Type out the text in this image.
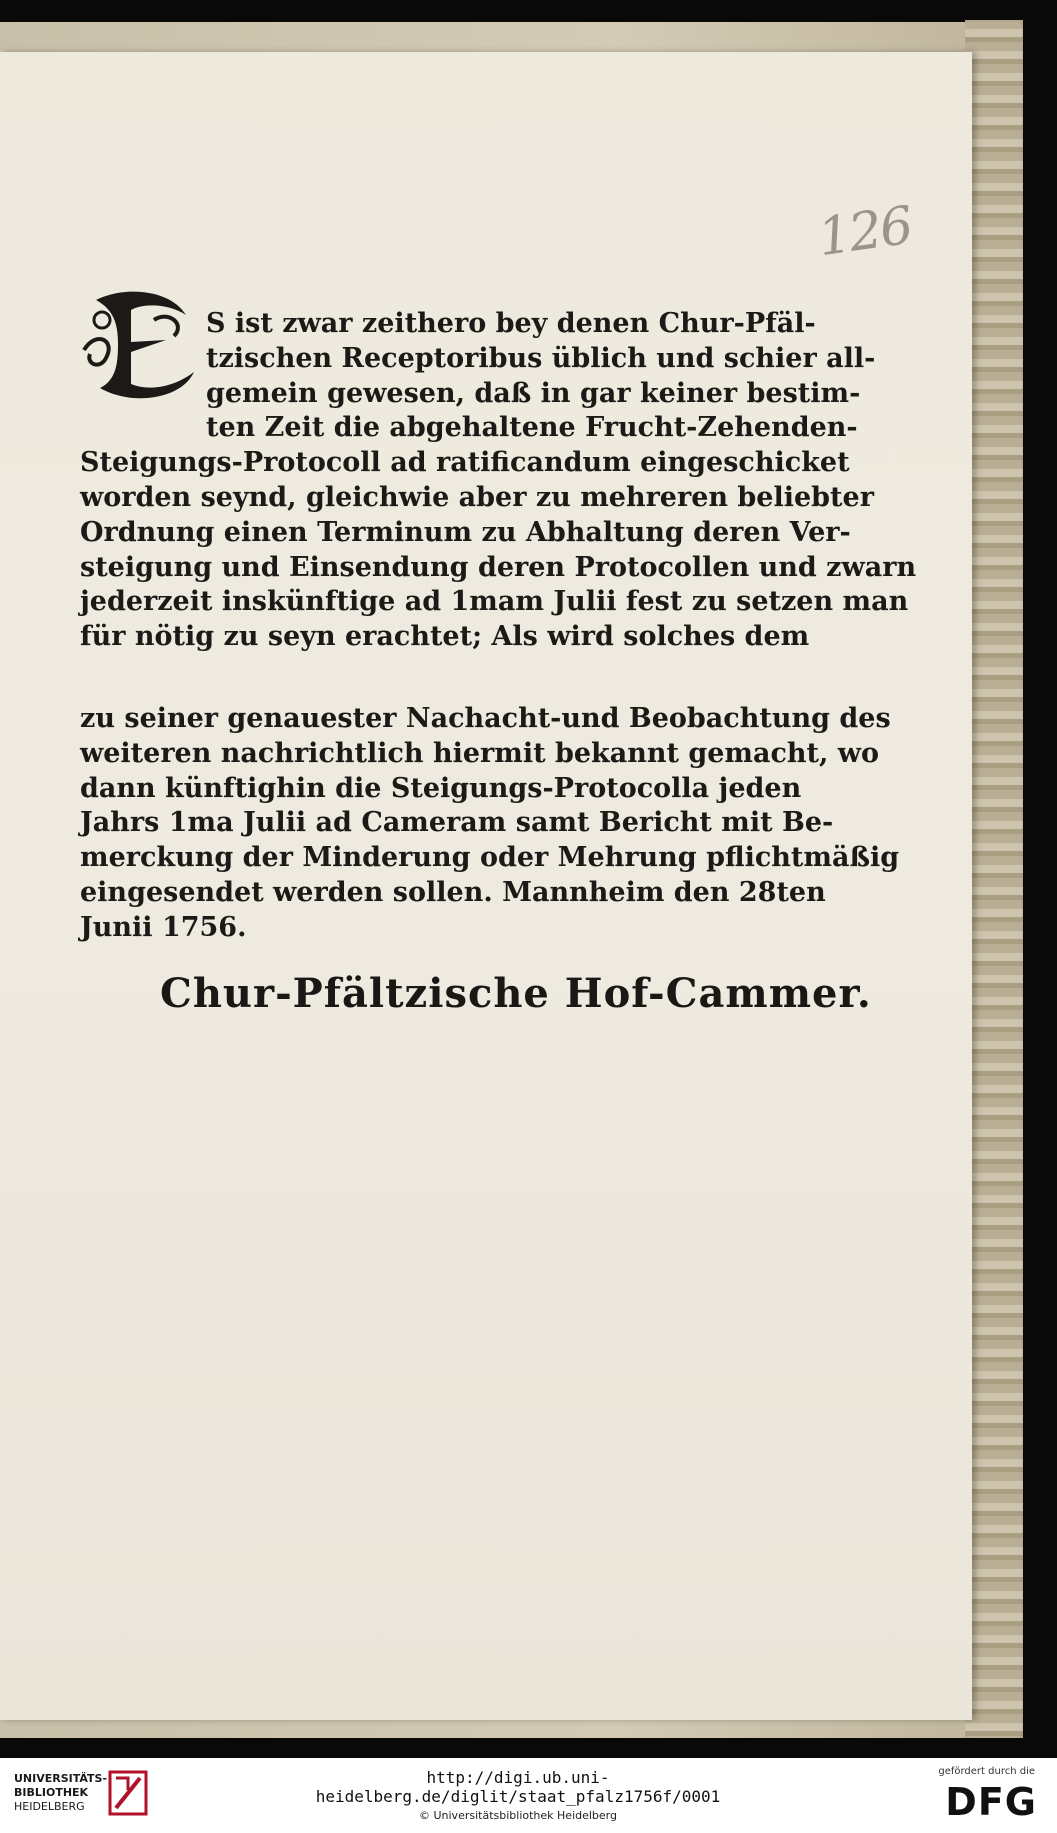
126
S ist zwar zeithero bey denen Chur-Pfäl-
tzischen Receptoribus üblich und schier all-
gemein gewesen, daß in gar keiner bestim-
ten Zeit die abgehaltene Frucht-Zehenden-
Steigungs-Protocoll ad ratificandum eingeschicket
worden seynd, gleichwie aber zu mehreren beliebter
Ordnung einen Terminum zu Abhaltung deren Ver-
steigung und Einsendung deren Protocollen und zwarn
jederzeit inskünftige ad 1mam Julii fest zu setzen man
für nötig zu seyn erachtet; Als wird solches dem
zu seiner genauester Nachacht-und Beobachtung des
weiteren nachrichtlich hiermit bekannt gemacht, wo
dann künftighin die Steigungs-Protocolla jeden
Jahrs 1ma Julii ad Cameram samt Bericht mit Be-
merckung der Minderung oder Mehrung pflichtmäßig
eingesendet werden sollen. Mannheim den 28ten
Junii 1756.
Chur-Pfältzische Hof-Cammer.
UNIVERSITÄTS-
BIBLIOTHEK
HEIDELBERG
http://digi.ub.uni-heidelberg.de/diglit/staat_pfalz1756f/0001
© Universitätsbibliothek Heidelberg
gefördert durch die
DFG
